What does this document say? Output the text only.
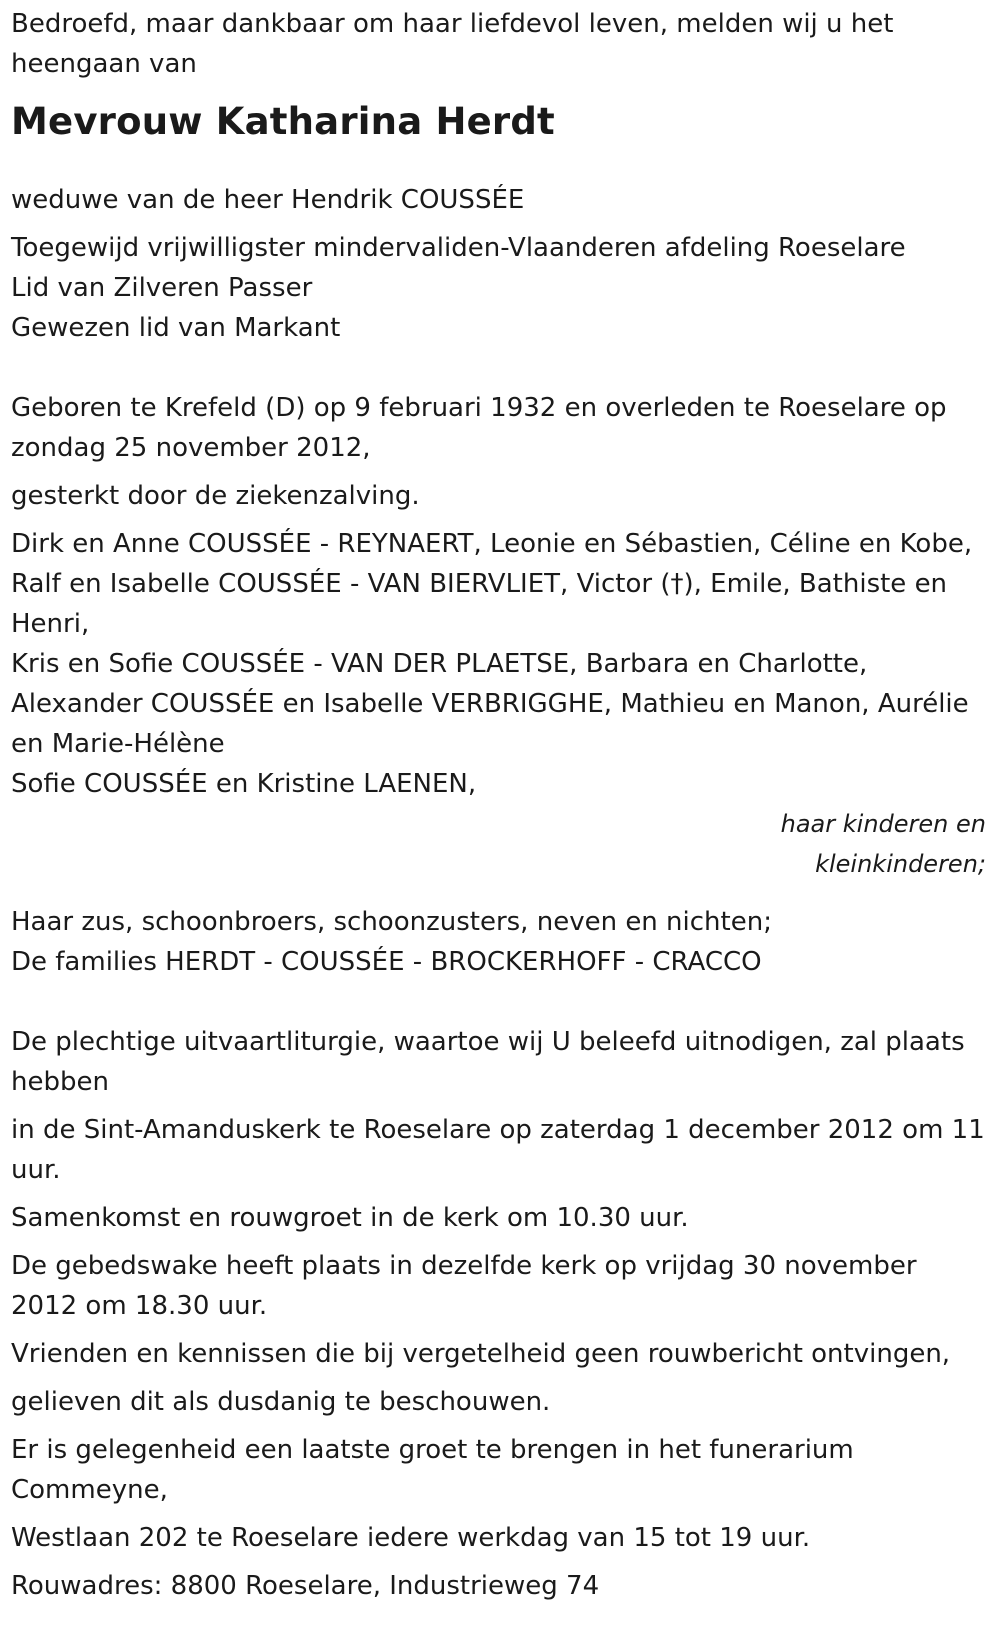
Bedroefd, maar dankbaar om haar liefdevol leven, melden wij u het

heengaan van

Mevrouw Katharina Herdt

weduwe van de heer Hendrik COUSSÉE

Toegewijd vrijwilligster mindervaliden-Vlaanderen afdeling Roeselare

Lid van Zilveren Passer

Gewezen lid van Markant

Geboren te Krefeld (D) op 9 februari 1932 en overleden te Roeselare op

zondag 25 november 2012,

gesterkt door de ziekenzalving.

Dirk en Anne COUSSÉE - REYNAERT, Leonie en Sébastien, Céline en Kobe,

Ralf en Isabelle COUSSÉE - VAN BIERVLIET, Victor (†), Emile, Bathiste en

Henri,

Kris en Sofie COUSSÉE - VAN DER PLAETSE, Barbara en Charlotte,

Alexander COUSSÉE en Isabelle VERBRIGGHE, Mathieu en Manon, Aurélie

en Marie-Hélène

Sofie COUSSÉE en Kristine LAENEN,

haar kinderen en
kleinkinderen;

Haar zus, schoonbroers, schoonzusters, neven en nichten;

De families HERDT - COUSSÉE - BROCKERHOFF - CRACCO

De plechtige uitvaartliturgie, waartoe wij U beleefd uitnodigen, zal plaats

hebben

in de Sint-Amanduskerk te Roeselare op zaterdag 1 december 2012 om 11

uur.

Samenkomst en rouwgroet in de kerk om 10.30 uur.

De gebedswake heeft plaats in dezelfde kerk op vrijdag 30 november

2012 om 18.30 uur.

Vrienden en kennissen die bij vergetelheid geen rouwbericht ontvingen,

gelieven dit als dusdanig te beschouwen.

Er is gelegenheid een laatste groet te brengen in het funerarium

Commeyne,

Westlaan 202 te Roeselare iedere werkdag van 15 tot 19 uur.

Rouwadres: 8800 Roeselare, Industrieweg 74
